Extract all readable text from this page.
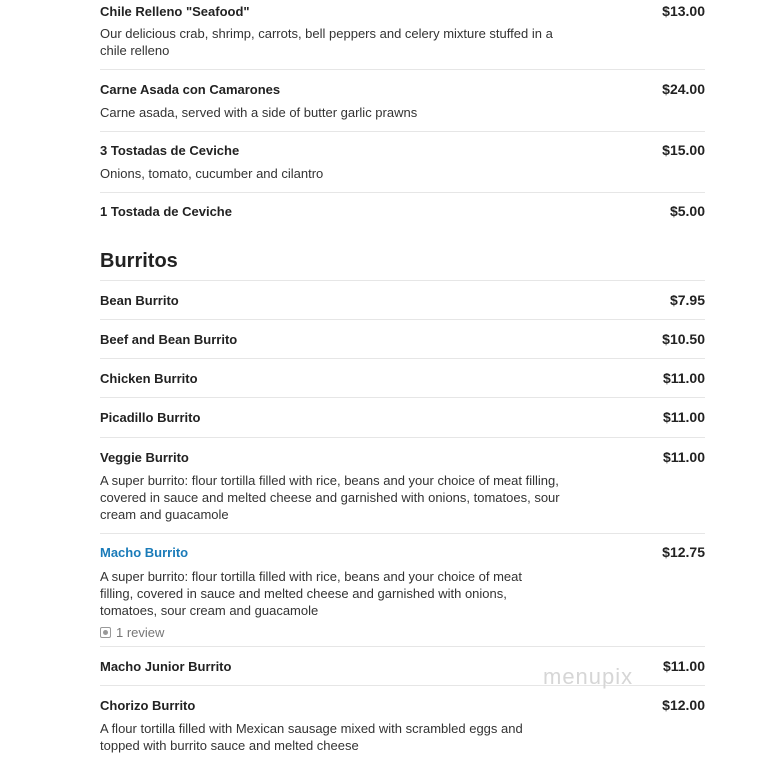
Chile Relleno "Seafood"	$13.00
Our delicious crab, shrimp, carrots, bell peppers and celery mixture stuffed in a chile relleno
Carne Asada con Camarones	$24.00
Carne asada, served with a side of butter garlic prawns
3 Tostadas de Ceviche	$15.00
Onions, tomato, cucumber and cilantro
1 Tostada de Ceviche	$5.00
Burritos
Bean Burrito	$7.95
Beef and Bean Burrito	$10.50
Chicken Burrito	$11.00
Picadillo Burrito	$11.00
Veggie Burrito	$11.00
A super burrito: flour tortilla filled with rice, beans and your choice of meat filling, covered in sauce and melted cheese and garnished with onions, tomatoes, sour cream and guacamole
Macho Burrito	$12.75
A super burrito: flour tortilla filled with rice, beans and your choice of meat filling, covered in sauce and melted cheese and garnished with onions, tomatoes, sour cream and guacamole
1 review
Macho Junior Burrito	$11.00
Chorizo Burrito	$12.00
A flour tortilla filled with Mexican sausage mixed with scrambled eggs and topped with burrito sauce and melted cheese
menupix
